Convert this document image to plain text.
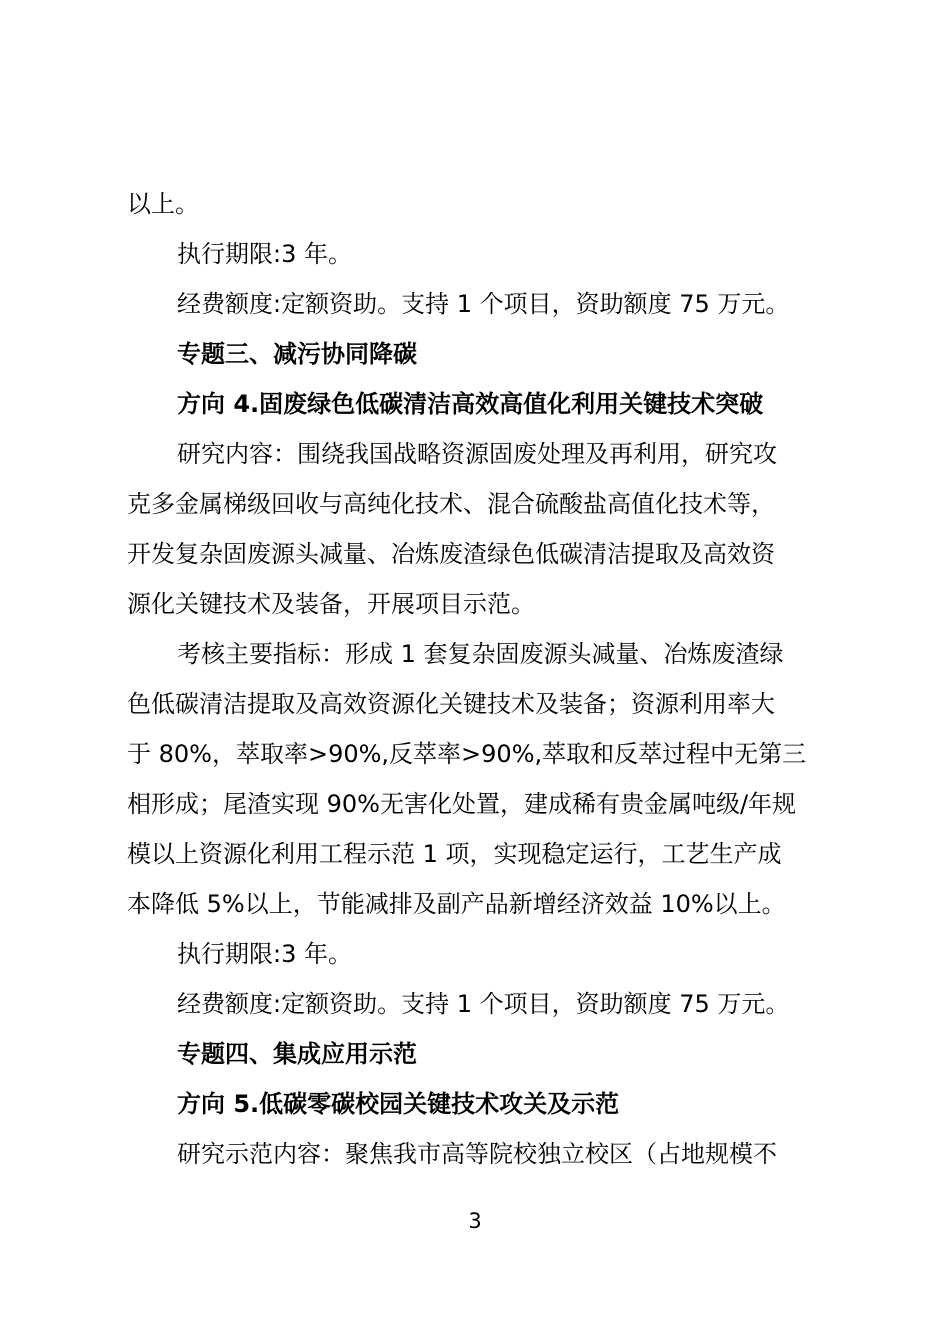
以上。
执行期限:3 年。
经费额度:定额资助。支持 1 个项目，资助额度 75 万元。
专题三、减污协同降碳
方向 4.固废绿色低碳清洁高效高值化利用关键技术突破
研究内容：围绕我国战略资源固废处理及再利用，研究攻
克多金属梯级回收与高纯化技术、混合硫酸盐高值化技术等，
开发复杂固废源头减量、冶炼废渣绿色低碳清洁提取及高效资
源化关键技术及装备，开展项目示范。
考核主要指标：形成 1 套复杂固废源头减量、冶炼废渣绿
色低碳清洁提取及高效资源化关键技术及装备；资源利用率大
于 80%，萃取率>90%,反萃率>90%,萃取和反萃过程中无第三
相形成；尾渣实现 90%无害化处置，建成稀有贵金属吨级/年规
模以上资源化利用工程示范 1 项，实现稳定运行，工艺生产成
本降低 5%以上，节能减排及副产品新增经济效益 10%以上。
执行期限:3 年。
经费额度:定额资助。支持 1 个项目，资助额度 75 万元。
专题四、集成应用示范
方向 5.低碳零碳校园关键技术攻关及示范
研究示范内容：聚焦我市高等院校独立校区（占地规模不
3
